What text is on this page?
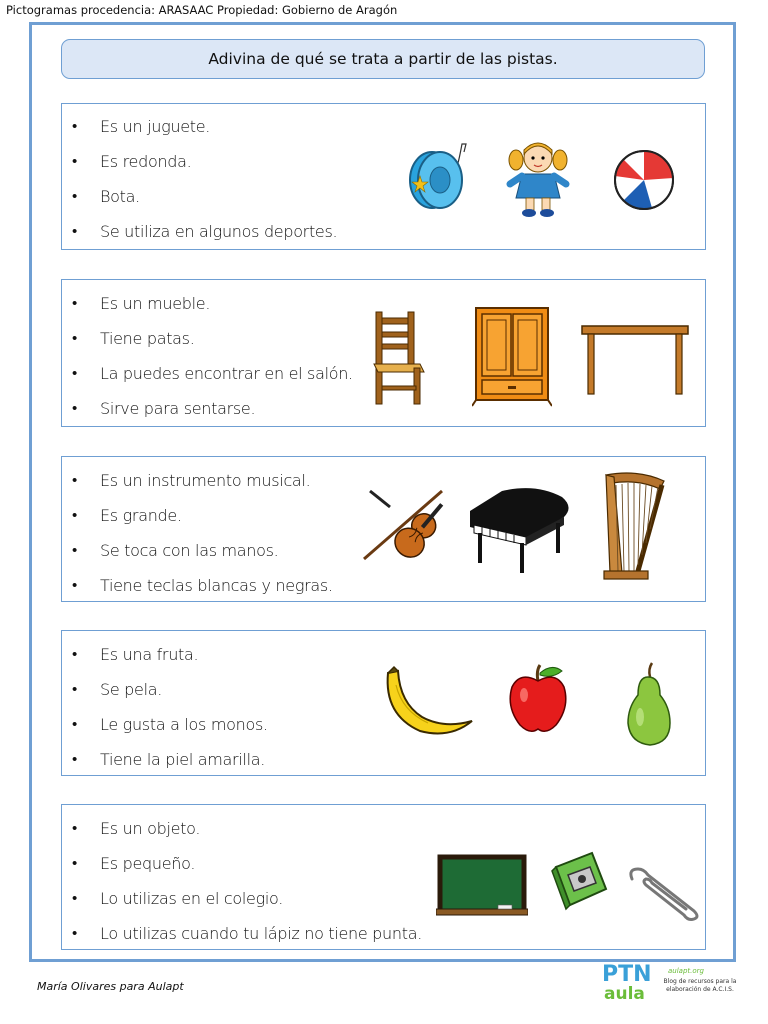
Pictogramas procedencia: ARASAAC Propiedad: Gobierno de Aragón
Adivina de qué se trata a partir de las pistas.
• Es un juguete.
• Es redonda.
• Bota.
• Se utiliza en algunos deportes.
• Es un mueble.
• Tiene patas.
• La puedes encontrar en el salón.
• Sirve para sentarse.
• Es un instrumento musical.
• Es grande.
• Se toca con las manos.
• Tiene teclas blancas y negras.
• Es una fruta.
• Se pela.
• Le gusta a los monos.
• Tiene la piel amarilla.
• Es un objeto.
• Es pequeño.
• Lo utilizas en el colegio.
• Lo utilizas cuando tu lápiz no tiene punta.
María Olivares para Aulapt	PTN
aula
aulapt.org
Blog de recursos para la elaboración de A.C.I.S.
